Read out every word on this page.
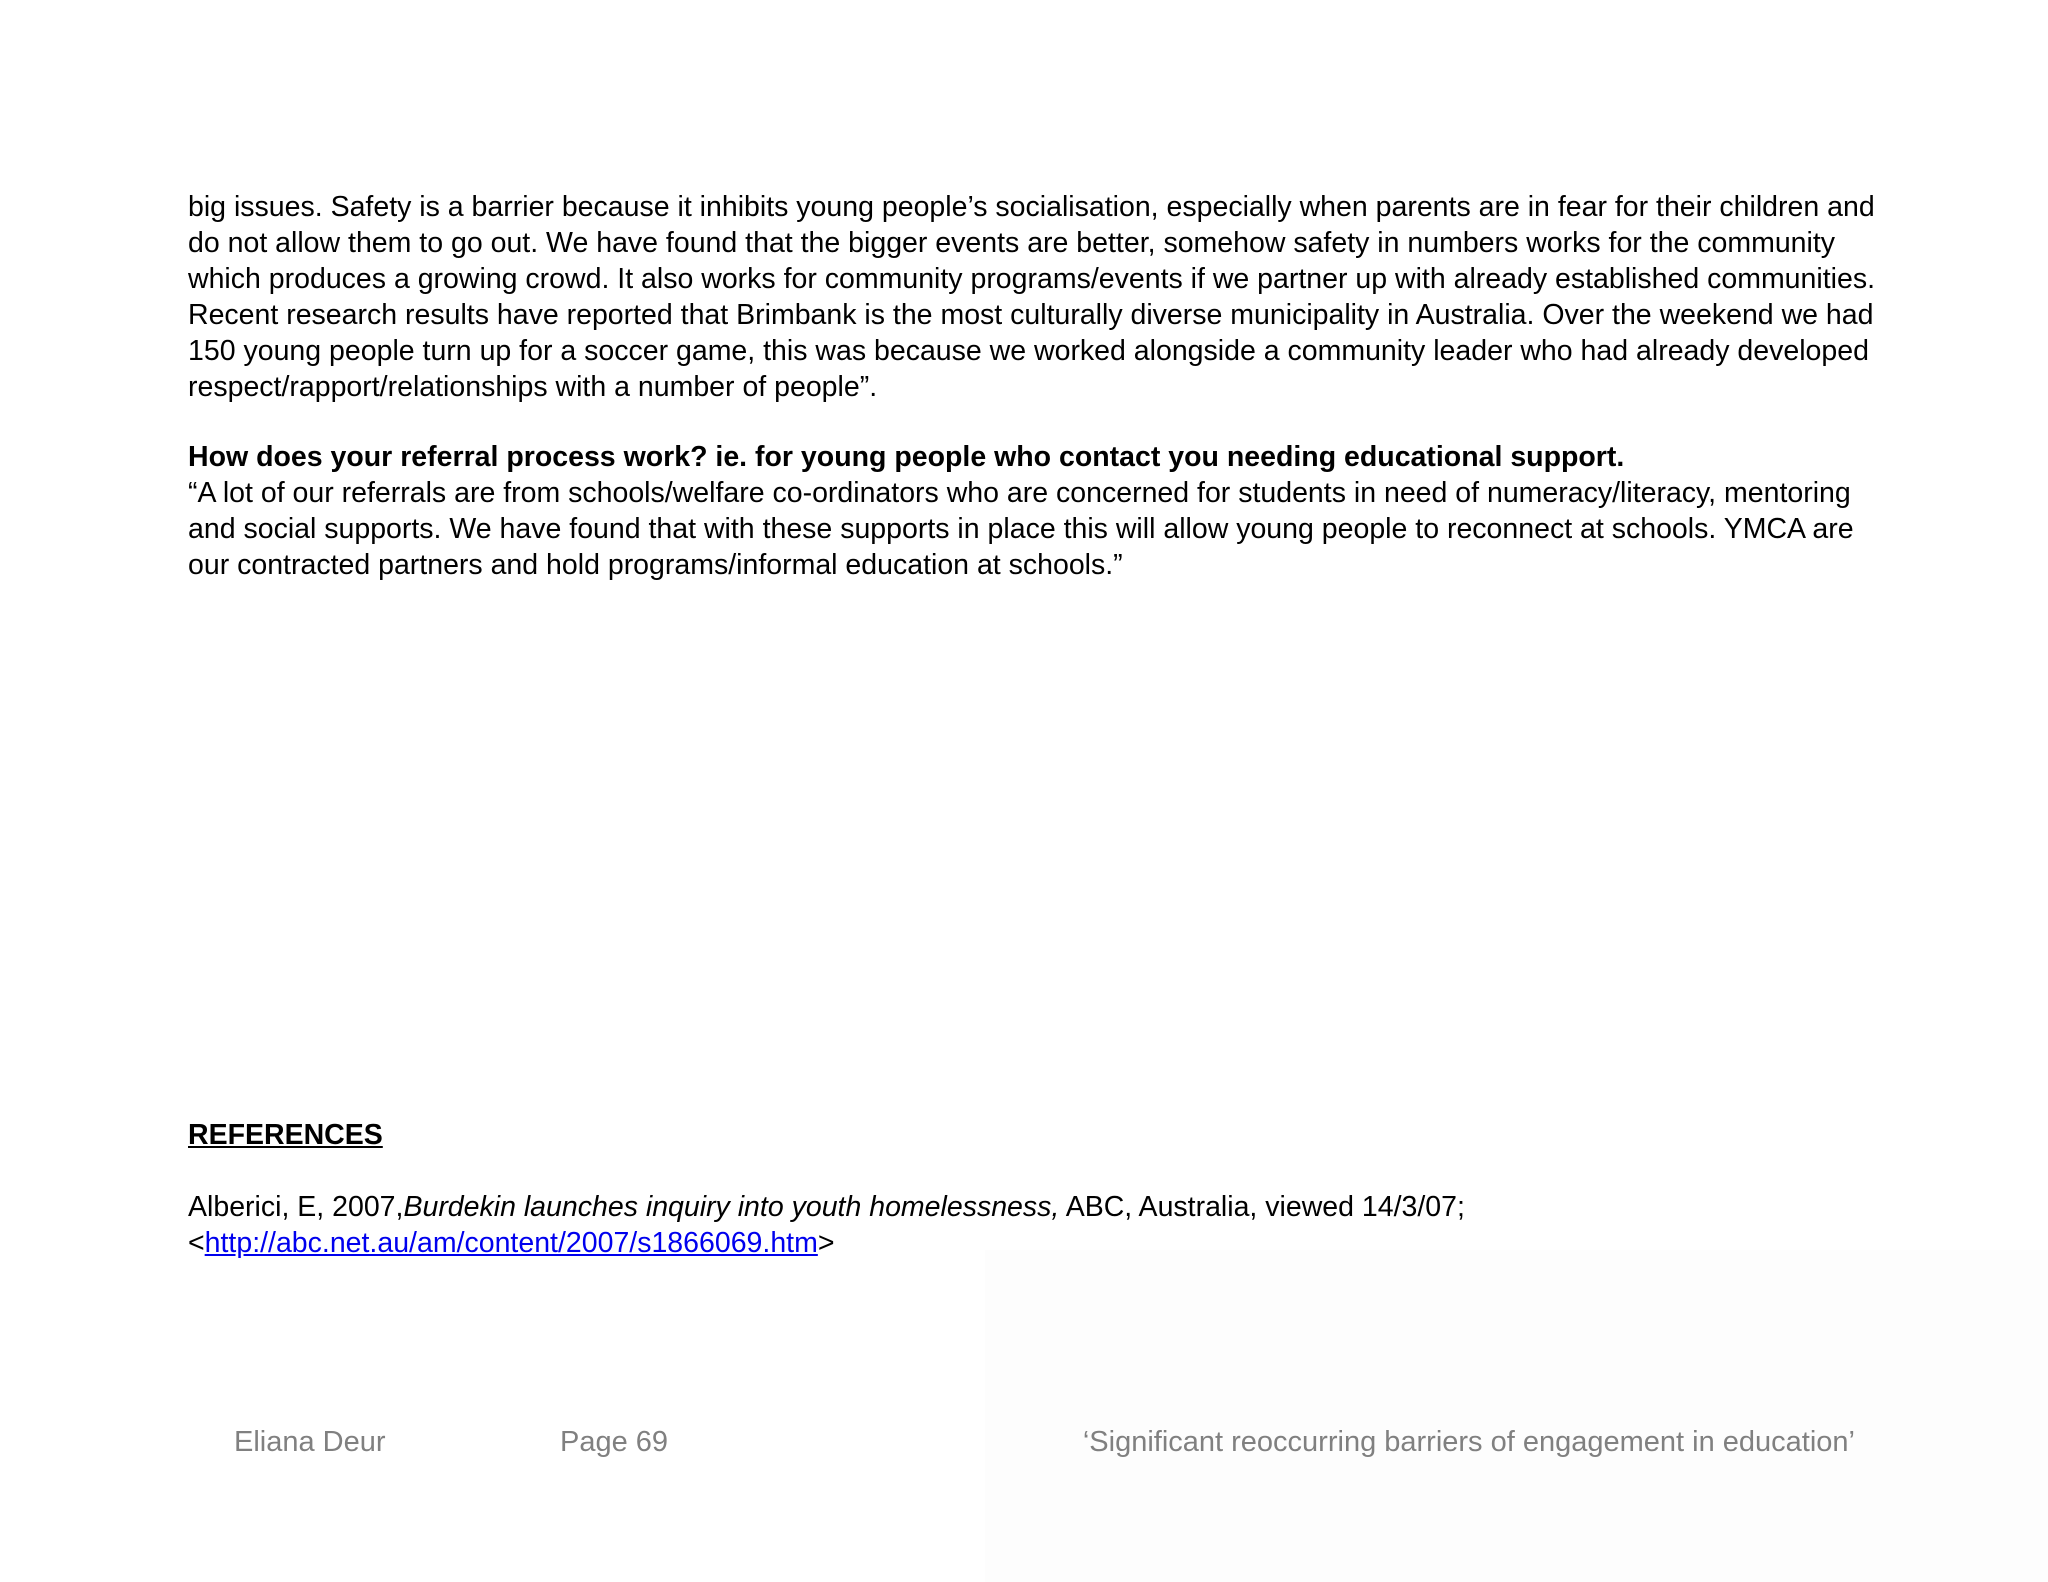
big issues. Safety is a barrier because it inhibits young people’s socialisation, especially when parents are in fear for their children and do not allow them to go out. We have found that the bigger events are better, somehow safety in numbers works for the community which produces a growing crowd. It also works for community programs/events if we partner up with already established communities. Recent research results have reported that Brimbank is the most culturally diverse municipality in Australia. Over the weekend we had 150 young people turn up for a soccer game, this was because we worked alongside a community leader who had already developed respect/rapport/relationships with a number of people”.

How does your referral process work? ie. for young people who contact you needing educational support.

“A lot of our referrals are from schools/welfare co-ordinators who are concerned for students in need of numeracy/literacy, mentoring and social supports. We have found that with these supports in place this will allow young people to reconnect at schools. YMCA are our contracted partners and hold programs/informal education at schools.”

REFERENCES

Alberici, E, 2007,Burdekin launches inquiry into youth homelessness, ABC, Australia, viewed 14/3/07;<http://abc.net.au/am/content/2007/s1866069.htm>

Eliana Deur	Page 69	‘Significant reoccurring barriers of engagement in education’
